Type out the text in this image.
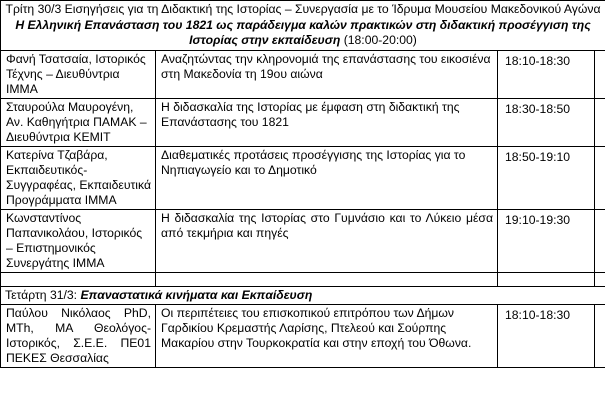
Τρίτη 30/3 Εισηγήσεις για τη Διδακτική της Ιστορίας – Συνεργασία με το Ίδρυμα Μουσείου Μακεδονικού Αγώνα Η Ελληνική Επανάσταση του 1821 ως παράδειγμα καλών πρακτικών στη διδακτική προσέγγιση της Ιστορίας στην εκπαίδευση (18:00-20:00)			
Φανή Τσατσαία, Ιστορικός Τέχνης – Διευθύντρια ΙΜΜΑ	Αναζητώντας την κληρονομιά της επανάστασης του εικοσιένα στη Μακεδονία τη 19ου αιώνα	18:10-18:30	
Σταυρούλα Μαυρογένη, Αν. Καθηγήτρια ΠΑΜΑΚ – Διευθύντρια ΚΕΜΙΤ	Η διδασκαλία της Ιστορίας με έμφαση στη διδακτική της Επανάστασης του 1821	18:30-18:50	
Κατερίνα Τζαβάρα, Εκπαιδευτικός-Συγγραφέας, Εκπαιδευτικά Προγράμματα ΙΜΜΑ	Διαθεματικές προτάσεις προσέγγισης της Ιστορίας για το Νηπιαγωγείο και το Δημοτικό	18:50-19:10	
Κωνσταντίνος Παπανικολάου, Ιστορικός – Επιστημονικός Συνεργάτης ΙΜΜΑ	Η διδασκαλία της Ιστορίας στο Γυμνάσιο και το Λύκειο μέσα από τεκμήρια και πηγές	19:10-19:30	

Τετάρτη 31/3: Επαναστατικά κινήματα και Εκπαίδευση			
Παύλου Νικόλαος PhD, MTh, MA Θεολόγος-Ιστορικός, Σ.Ε.Ε. ΠΕ01 ΠΕΚΕΣ Θεσσαλίας	Οι περιπέτειες του επισκοπικού επιτρόπου των Δήμων Γαρδικίου Κρεμαστής Λαρίσης, Πτελεού και Σούρπης Μακαρίου στην Τουρκοκρατία και στην εποχή του Όθωνα.	18:10-18:30	
